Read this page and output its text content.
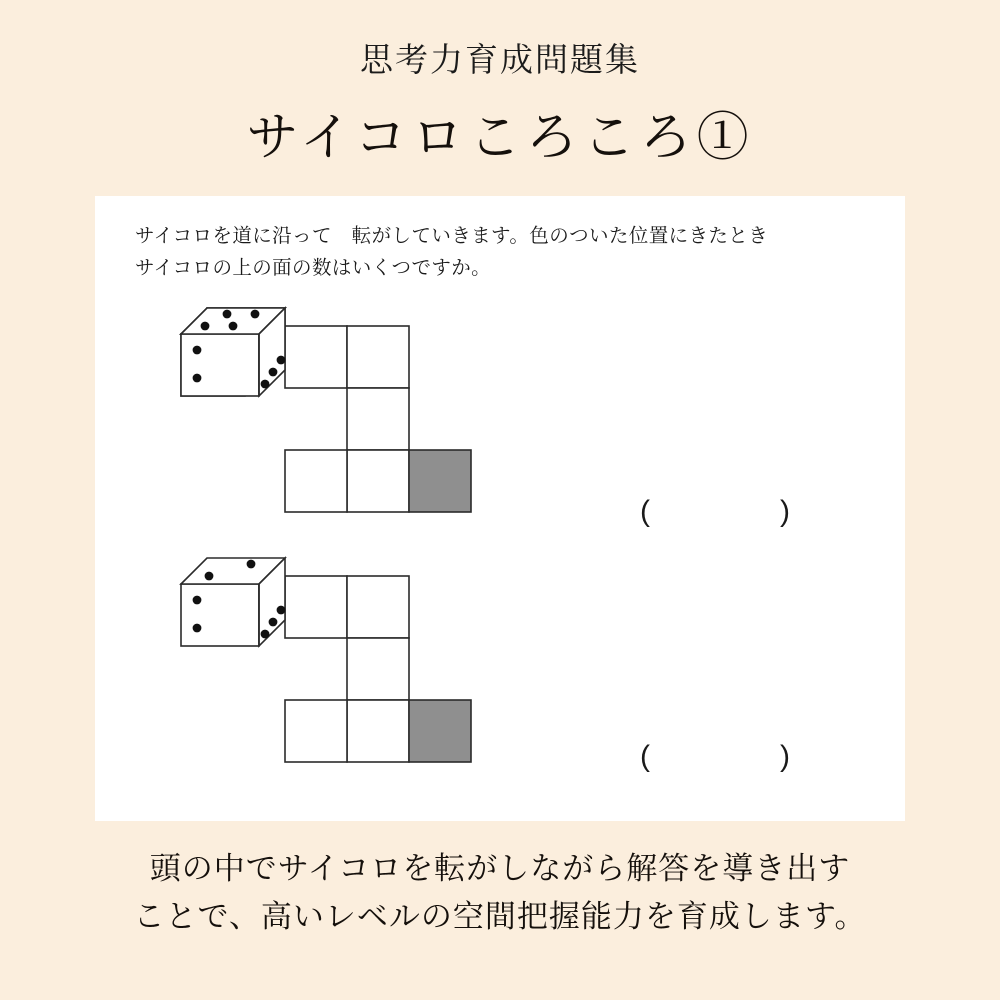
思考力育成問題集
サイコロころころ①
サイコロを道に沿って　転がしていきます。色のついた位置にきたとき
サイコロの上の面の数はいくつですか。
(　　　　)
(　　　　)
頭の中でサイコロを転がしながら解答を導き出す
ことで、高いレベルの空間把握能力を育成します。
